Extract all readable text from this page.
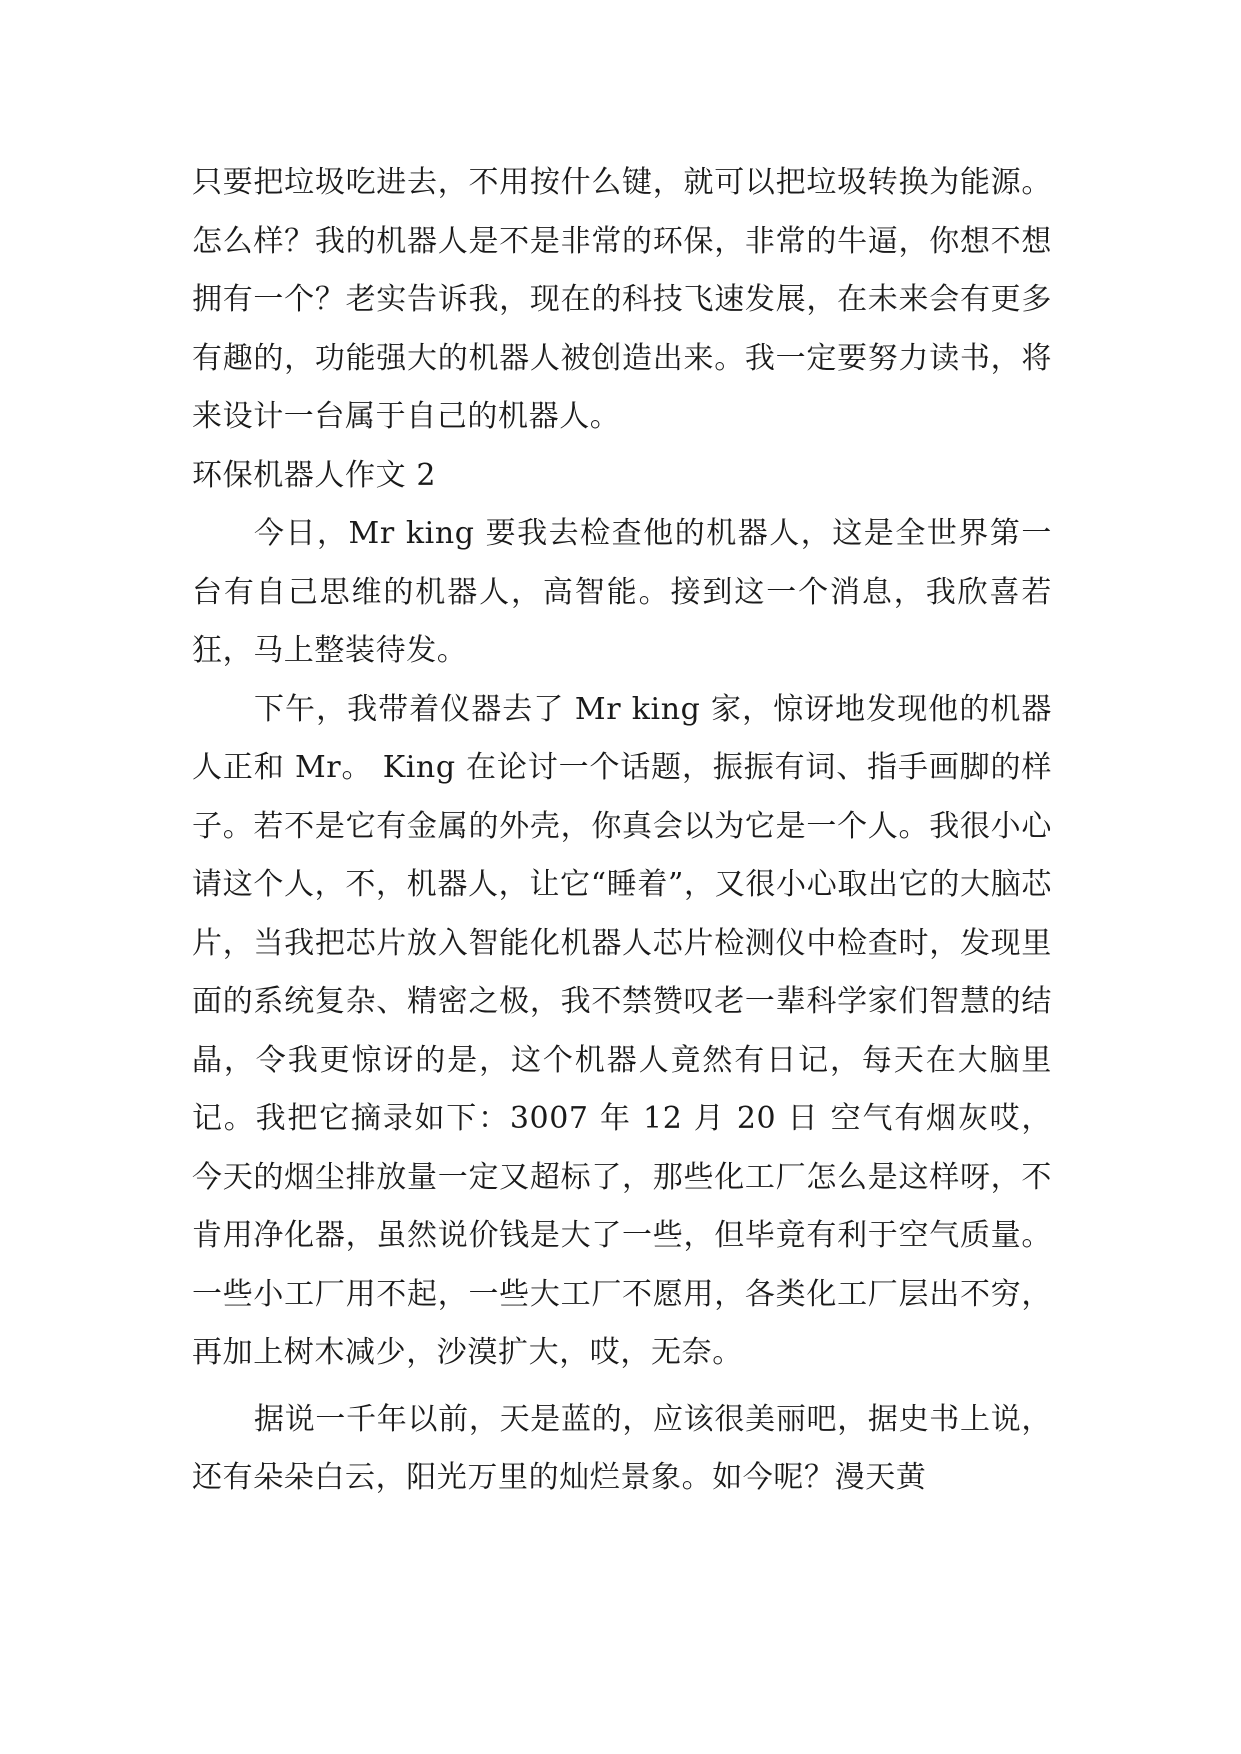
只要把垃圾吃进去，不用按什么键，就可以把垃圾转换为能源。怎么样？我的机器人是不是非常的环保，非常的牛逼，你想不想拥有一个？老实告诉我，现在的科技飞速发展，在未来会有更多有趣的，功能强大的机器人被创造出来。我一定要努力读书，将来设计一台属于自己的机器人。

环保机器人作文 2

今日，Mr king 要我去检查他的机器人，这是全世界第一台有自己思维的机器人，高智能。接到这一个消息，我欣喜若狂，马上整装待发。

下午，我带着仪器去了 Mr king 家，惊讶地发现他的机器人正和 Mr。 King 在论讨一个话题，振振有词、指手画脚的样子。若不是它有金属的外壳，你真会以为它是一个人。我很小心请这个人，不，机器人，让它“睡着”，又很小心取出它的大脑芯片，当我把芯片放入智能化机器人芯片检测仪中检查时，发现里面的系统复杂、精密之极，我不禁赞叹老一辈科学家们智慧的结晶，令我更惊讶的是，这个机器人竟然有日记，每天在大脑里记。我把它摘录如下：3007 年 12 月 20 日 空气有烟灰哎，今天的烟尘排放量一定又超标了，那些化工厂怎么是这样呀，不肯用净化器，虽然说价钱是大了一些，但毕竟有利于空气质量。一些小工厂用不起，一些大工厂不愿用，各类化工厂层出不穷，再加上树木减少，沙漠扩大，哎，无奈。

据说一千年以前，天是蓝的，应该很美丽吧，据史书上说，还有朵朵白云，阳光万里的灿烂景象。如今呢？漫天黄
